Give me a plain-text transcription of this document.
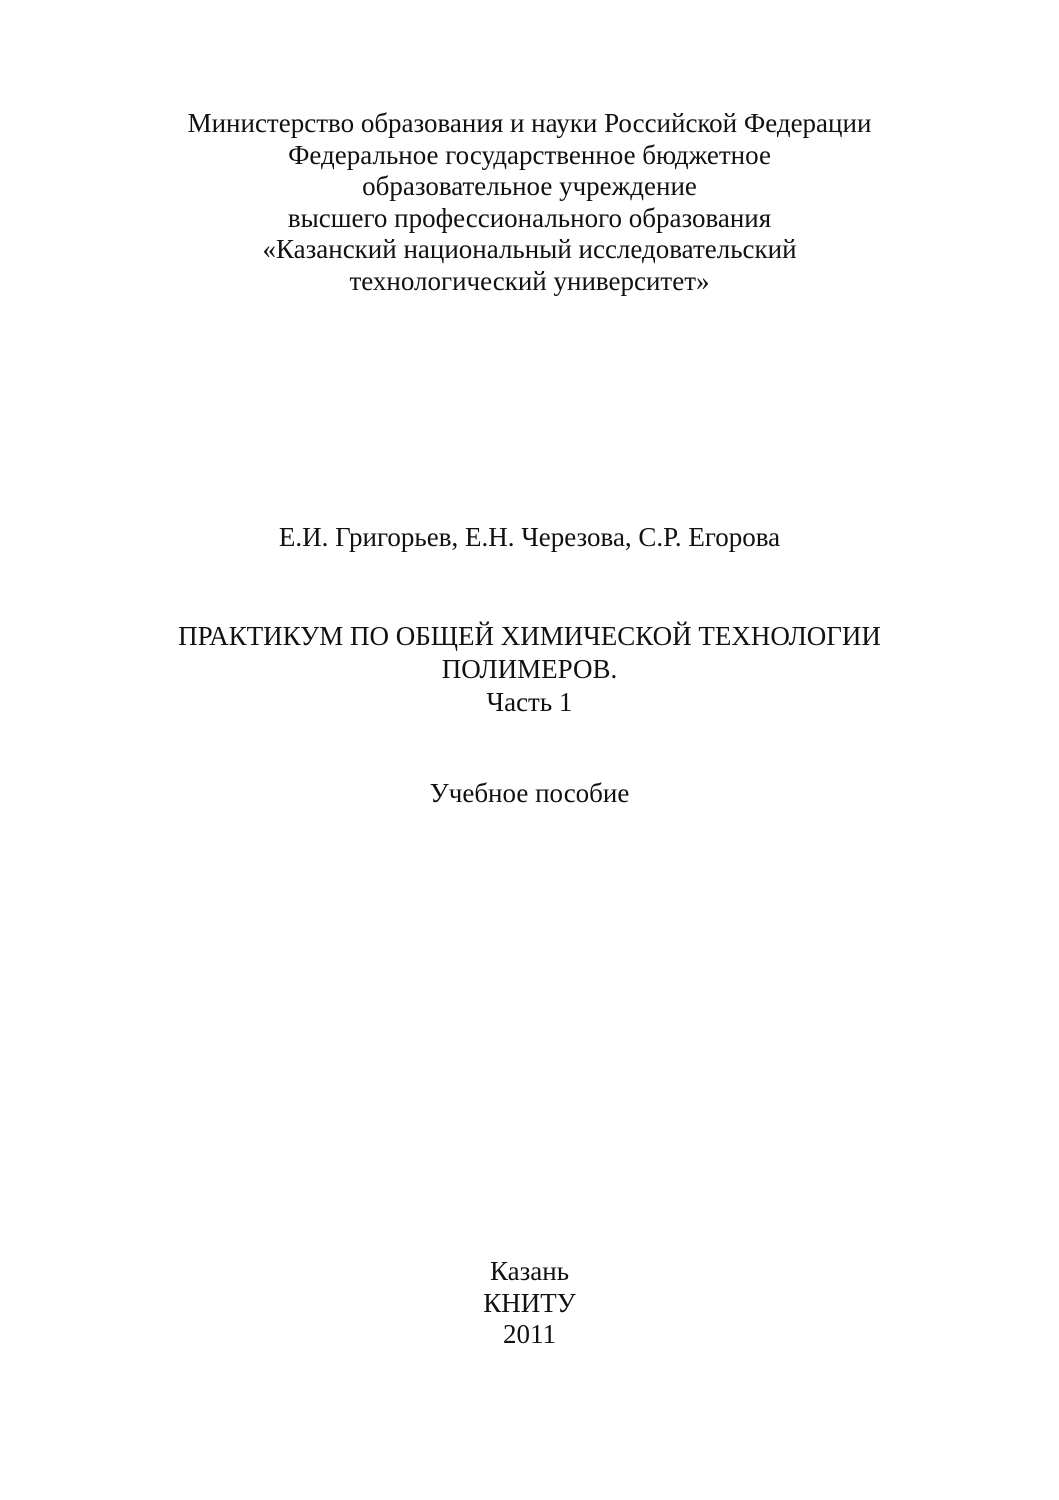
Министерство образования и науки Российской Федерации
Федеральное государственное бюджетное
образовательное учреждение
высшего профессионального образования
«Казанский национальный исследовательский
технологический университет»
Е.И. Григорьев, Е.Н. Черезова, С.Р. Егорова
ПРАКТИКУМ ПО ОБЩЕЙ ХИМИЧЕСКОЙ ТЕХНОЛОГИИ
ПОЛИМЕРОВ.
Часть 1
Учебное пособие
Казань
КНИТУ
2011
